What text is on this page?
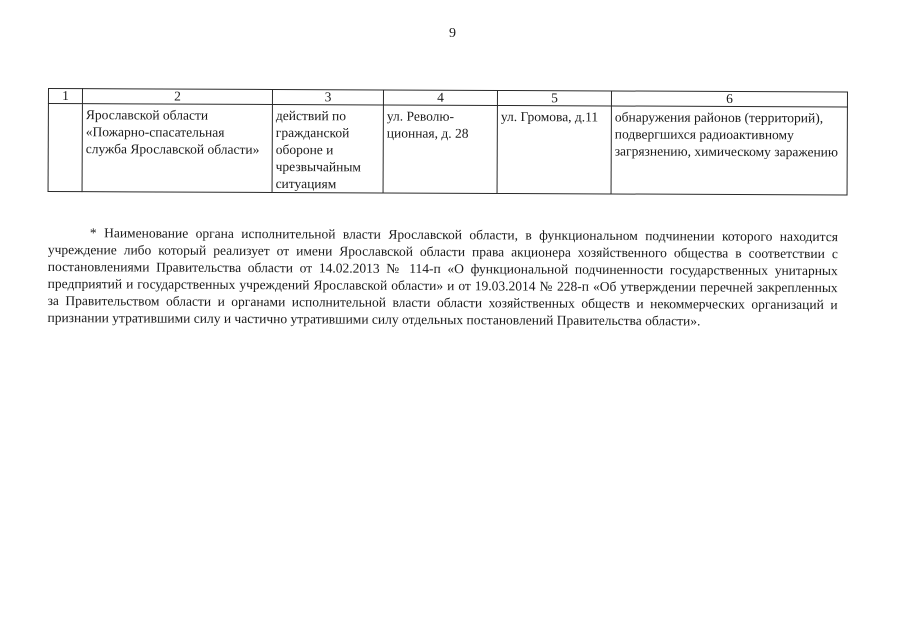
9
1	2	3	4	5	6
	Ярославской области «Пожарно-спасательная служба Ярославской области»	действий по гражданской обороне и чрезвычайным ситуациям	ул. Револю-ционная, д. 28	ул. Громова, д.11	обнаружения районов (территорий), подвергшихся радиоактивному загрязнению, химическому заражению

* Наименование органа исполнительной власти Ярославской области, в функциональном подчинении которого находится учреждение либо который реализует от имени Ярославской области права акционера хозяйственного общества в соответствии с постановлениями Правительства области от 14.02.2013 № 114-п «О функциональной подчиненности государственных унитарных предприятий и государственных учреждений Ярославской области» и от 19.03.2014 № 228-п «Об утверждении перечней закрепленных за Правительством области и органами исполнительной власти области хозяйственных обществ и некоммерческих организаций и признании утратившими силу и частично утратившими силу отдельных постановлений Правительства области».
